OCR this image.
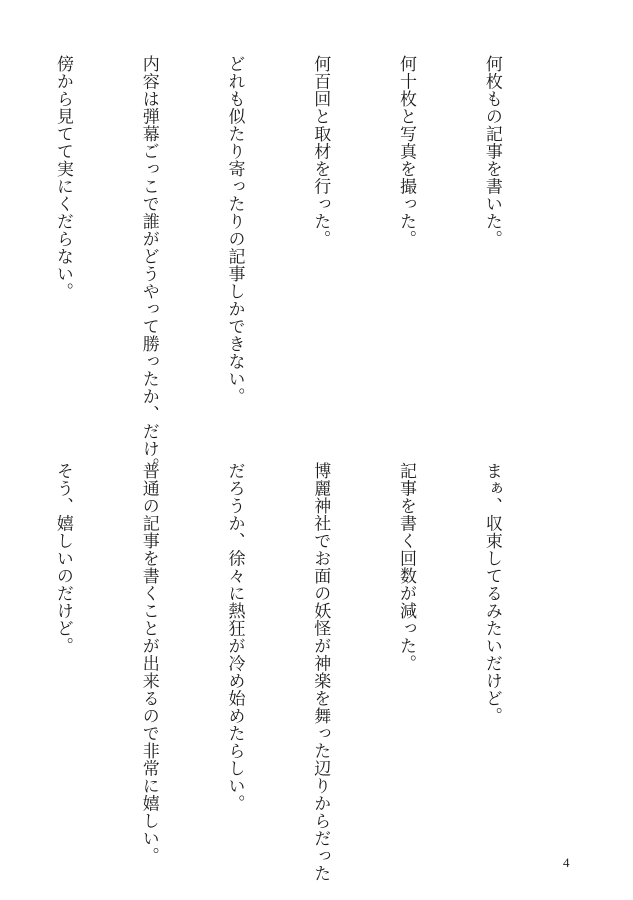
何枚もの記事を書いた。

何十枚と写真を撮った。

何百回と取材を行った。

どれも似たり寄ったりの記事しかできない。

内容は弾幕ごっこで誰がどうやって勝ったか、だけ。

傍から見てて実にくだらない。

まぁ、収束してるみたいだけど。

記事を書く回数が減った。

博麗神社でお面の妖怪が神楽を舞った辺りからだった

だろうか、徐々に熱狂が冷め始めたらしい。

普通の記事を書くことが出来るので非常に嬉しい。

そう、嬉しいのだけど。

4
